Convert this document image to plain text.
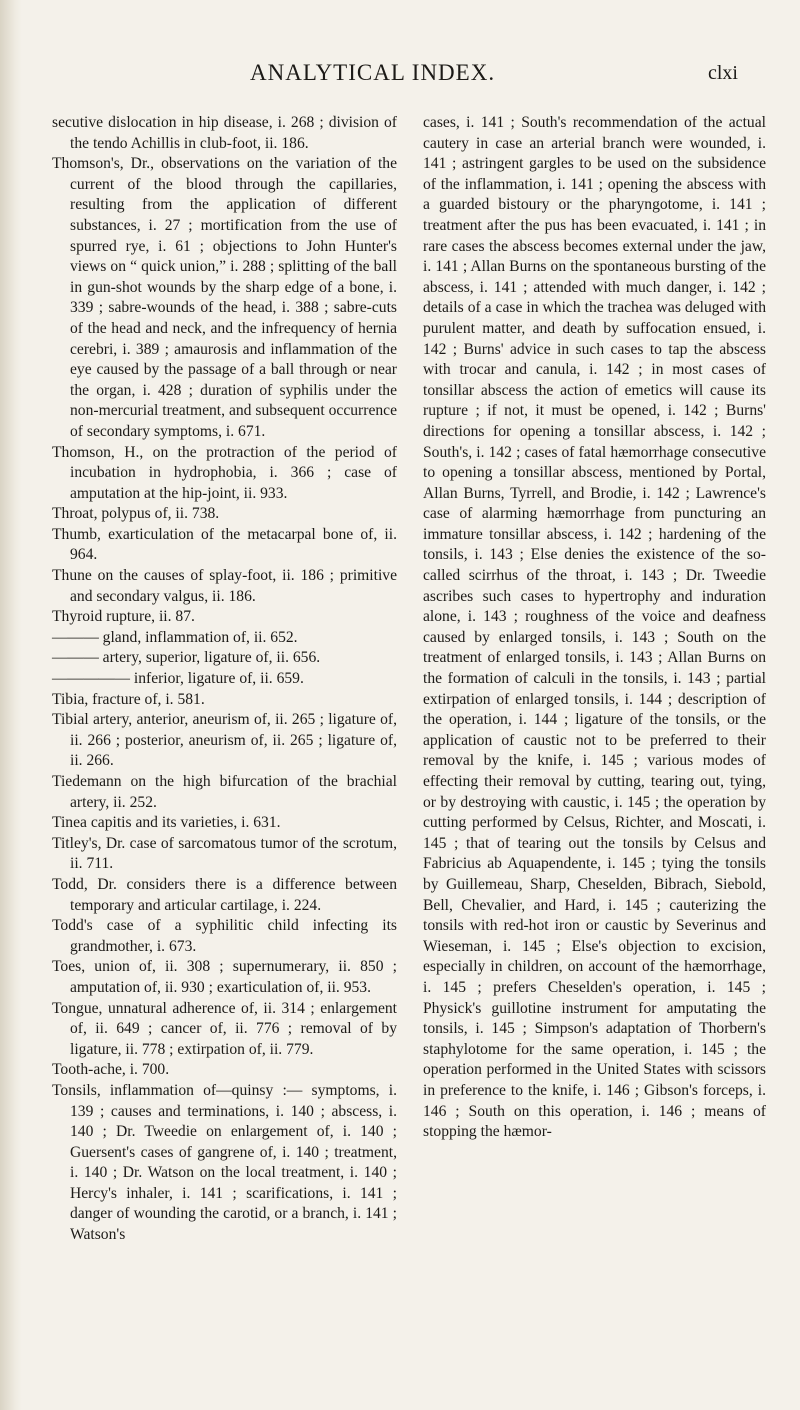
ANALYTICAL INDEX.	clxi

secutive dislocation in hip disease, i. 268 ; division of the tendo Achillis in club-foot, ii. 186.

Thomson's, Dr., observations on the variation of the current of the blood through the capillaries, resulting from the application of different substances, i. 27 ; mortification from the use of spurred rye, i. 61 ; objections to John Hunter's views on “ quick union,” i. 288 ; splitting of the ball in gun-shot wounds by the sharp edge of a bone, i. 339 ; sabre-wounds of the head, i. 388 ; sabre-cuts of the head and neck, and the infrequency of hernia cerebri, i. 389 ; amaurosis and inflammation of the eye caused by the passage of a ball through or near the organ, i. 428 ; duration of syphilis under the non-mercurial treatment, and subsequent occurrence of secondary symptoms, i. 671.

Thomson, H., on the protraction of the period of incubation in hydrophobia, i. 366 ; case of amputation at the hip-joint, ii. 933.

Throat, polypus of, ii. 738.

Thumb, exarticulation of the metacarpal bone of, ii. 964.

Thune on the causes of splay-foot, ii. 186 ; primitive and secondary valgus, ii. 186.

Thyroid rupture, ii. 87.

——— gland, inflammation of, ii. 652.

——— artery, superior, ligature of, ii. 656.

————— inferior, ligature of, ii. 659.

Tibia, fracture of, i. 581.

Tibial artery, anterior, aneurism of, ii. 265 ; ligature of, ii. 266 ; posterior, aneurism of, ii. 265 ; ligature of, ii. 266.

Tiedemann on the high bifurcation of the brachial artery, ii. 252.

Tinea capitis and its varieties, i. 631.

Titley's, Dr. case of sarcomatous tumor of the scrotum, ii. 711.

Todd, Dr. considers there is a difference between temporary and articular cartilage, i. 224.

Todd's case of a syphilitic child infecting its grandmother, i. 673.

Toes, union of, ii. 308 ; supernumerary, ii. 850 ; amputation of, ii. 930 ; exarticulation of, ii. 953.

Tongue, unnatural adherence of, ii. 314 ; enlargement of, ii. 649 ; cancer of, ii. 776 ; removal of by ligature, ii. 778 ; extirpation of, ii. 779.

Tooth-ache, i. 700.

Tonsils, inflammation of—quinsy :— symptoms, i. 139 ; causes and terminations, i. 140 ; abscess, i. 140 ; Dr. Tweedie on enlargement of, i. 140 ; Guersent's cases of gangrene of, i. 140 ; treatment, i. 140 ; Dr. Watson on the local treatment, i. 140 ; Hercy's inhaler, i. 141 ; scarifications, i. 141 ; danger of wounding the carotid, or a branch, i. 141 ; Watson's

cases, i. 141 ; South's recommendation of the actual cautery in case an arterial branch were wounded, i. 141 ; astringent gargles to be used on the subsidence of the inflammation, i. 141 ; opening the abscess with a guarded bistoury or the pharyngotome, i. 141 ; treatment after the pus has been evacuated, i. 141 ; in rare cases the abscess becomes external under the jaw, i. 141 ; Allan Burns on the spontaneous bursting of the abscess, i. 141 ; attended with much danger, i. 142 ; details of a case in which the trachea was deluged with purulent matter, and death by suffocation ensued, i. 142 ; Burns' advice in such cases to tap the abscess with trocar and canula, i. 142 ; in most cases of tonsillar abscess the action of emetics will cause its rupture ; if not, it must be opened, i. 142 ; Burns' directions for opening a tonsillar abscess, i. 142 ; South's, i. 142 ; cases of fatal hæmorrhage consecutive to opening a tonsillar abscess, mentioned by Portal, Allan Burns, Tyrrell, and Brodie, i. 142 ; Lawrence's case of alarming hæmorrhage from puncturing an immature tonsillar abscess, i. 142 ; hardening of the tonsils, i. 143 ; Else denies the existence of the so-called scirrhus of the throat, i. 143 ; Dr. Tweedie ascribes such cases to hypertrophy and induration alone, i. 143 ; roughness of the voice and deafness caused by enlarged tonsils, i. 143 ; South on the treatment of enlarged tonsils, i. 143 ; Allan Burns on the formation of calculi in the tonsils, i. 143 ; partial extirpation of enlarged tonsils, i. 144 ; description of the operation, i. 144 ; ligature of the tonsils, or the application of caustic not to be preferred to their removal by the knife, i. 145 ; various modes of effecting their removal by cutting, tearing out, tying, or by destroying with caustic, i. 145 ; the operation by cutting performed by Celsus, Richter, and Moscati, i. 145 ; that of tearing out the tonsils by Celsus and Fabricius ab Aquapendente, i. 145 ; tying the tonsils by Guillemeau, Sharp, Cheselden, Bibrach, Siebold, Bell, Chevalier, and Hard, i. 145 ; cauterizing the tonsils with red-hot iron or caustic by Severinus and Wieseman, i. 145 ; Else's objection to excision, especially in children, on account of the hæmorrhage, i. 145 ; prefers Cheselden's operation, i. 145 ; Physick's guillotine instrument for amputating the tonsils, i. 145 ; Simpson's adaptation of Thorbern's staphylotome for the same operation, i. 145 ; the operation performed in the United States with scissors in preference to the knife, i. 146 ; Gibson's forceps, i. 146 ; South on this operation, i. 146 ; means of stopping the hæmor-
